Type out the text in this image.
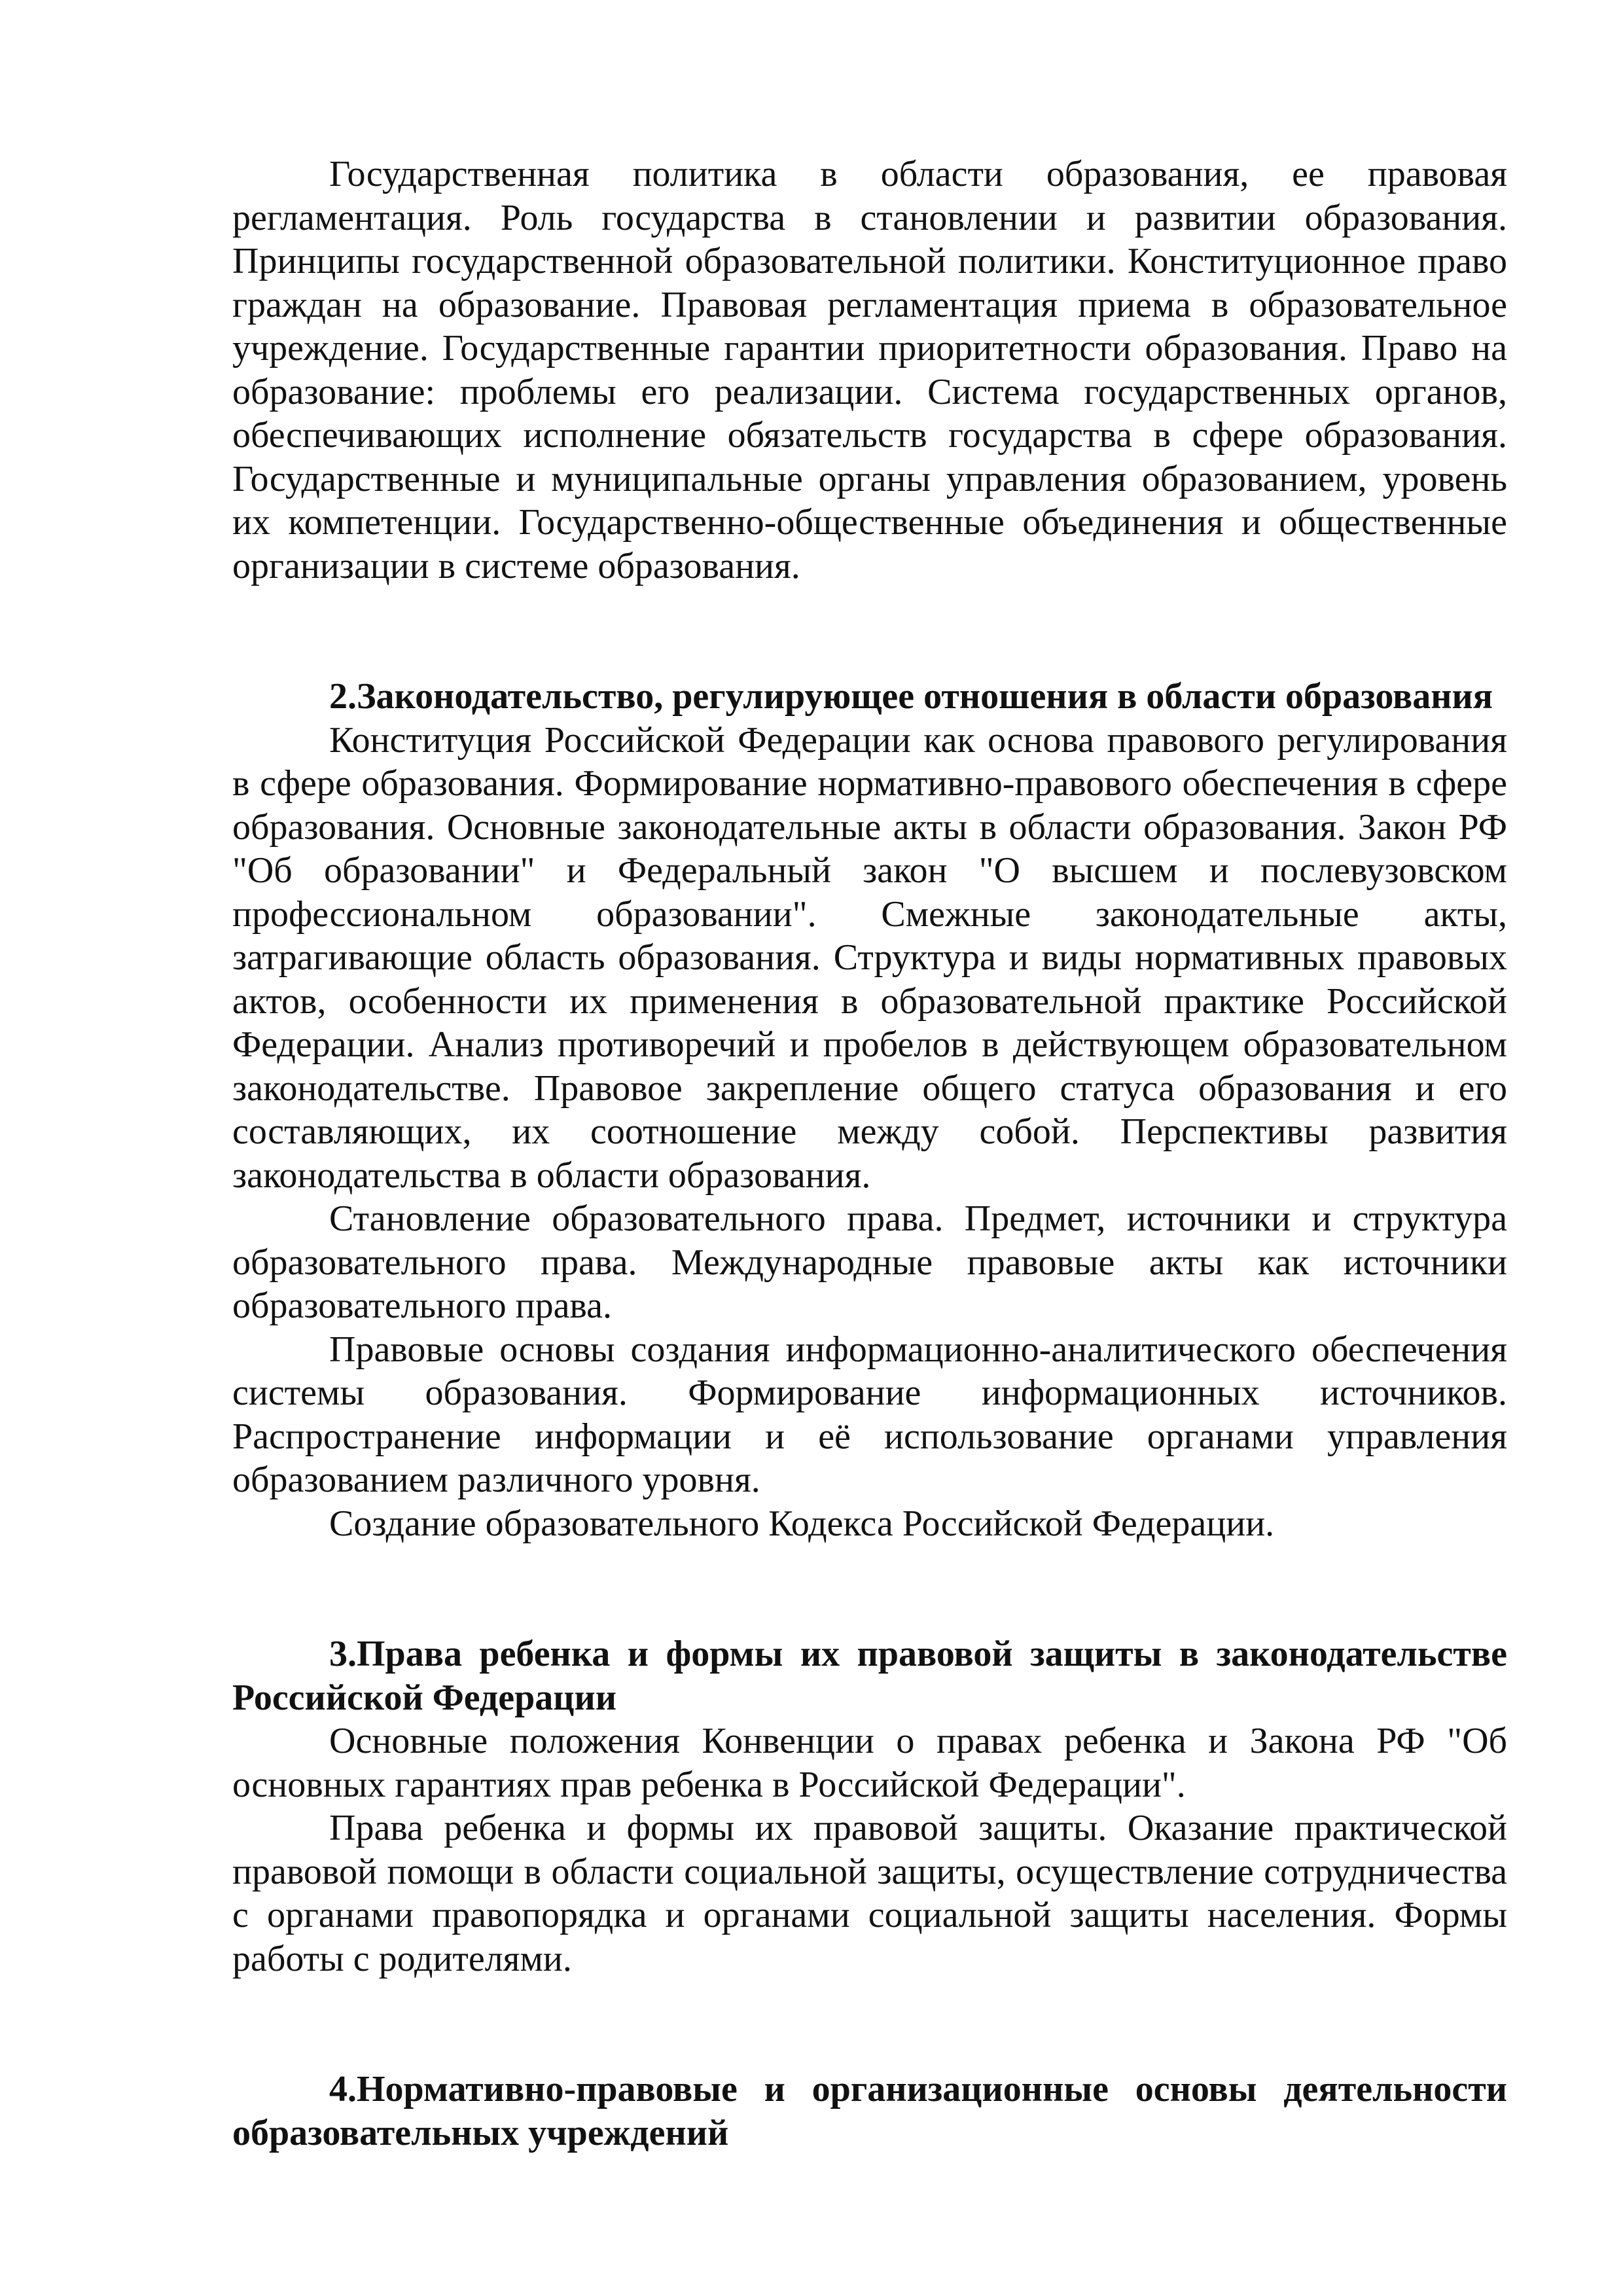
Государственная политика в области образования, ее правовая регламентация. Роль государства в становлении и развитии образования. Принципы государственной образовательной политики. Конституционное право граждан на образование. Правовая регламентация приема в образовательное учреждение. Государственные гарантии приоритетности образования. Право на образование: проблемы его реализации. Система государственных органов, обеспечивающих исполнение обязательств государства в сфере образования. Государственные и муниципальные органы управления образованием, уровень их компетенции. Государственно-общественные объединения и общественные организации в системе образования.

2.Законодательство, регулирующее отношения в области образования

Конституция Российской Федерации как основа правового регулирования в сфере образования. Формирование нормативно-правового обеспечения в сфере образования. Основные законодательные акты в области образования. Закон РФ "Об образовании" и Федеральный закон "О высшем и послевузовском профессиональном образовании". Смежные законодательные акты, затрагивающие область образования. Структура и виды нормативных правовых актов, особенности их применения в образовательной практике Российской Федерации. Анализ противоречий и пробелов в действующем образовательном законодательстве. Правовое закрепление общего статуса образования и его составляющих, их соотношение между собой. Перспективы развития законодательства в области образования.

Становление образовательного права. Предмет, источники и структура образовательного права. Международные правовые акты как источники образовательного права.

Правовые основы создания информационно-аналитического обеспечения системы образования. Формирование информационных источников. Распространение информации и её использование органами управления образованием различного уровня.

Создание образовательного Кодекса Российской Федерации.

3.Права ребенка и формы их правовой защиты в законодательстве Российской Федерации

Основные положения Конвенции о правах ребенка и Закона РФ "Об основных гарантиях прав ребенка в Российской Федерации".

Права ребенка и формы их правовой защиты. Оказание практической правовой помощи в области социальной защиты, осуществление сотрудничества с органами правопорядка и органами социальной защиты населения. Формы работы с родителями.

4.Нормативно-правовые и организационные основы деятельности образовательных учреждений
